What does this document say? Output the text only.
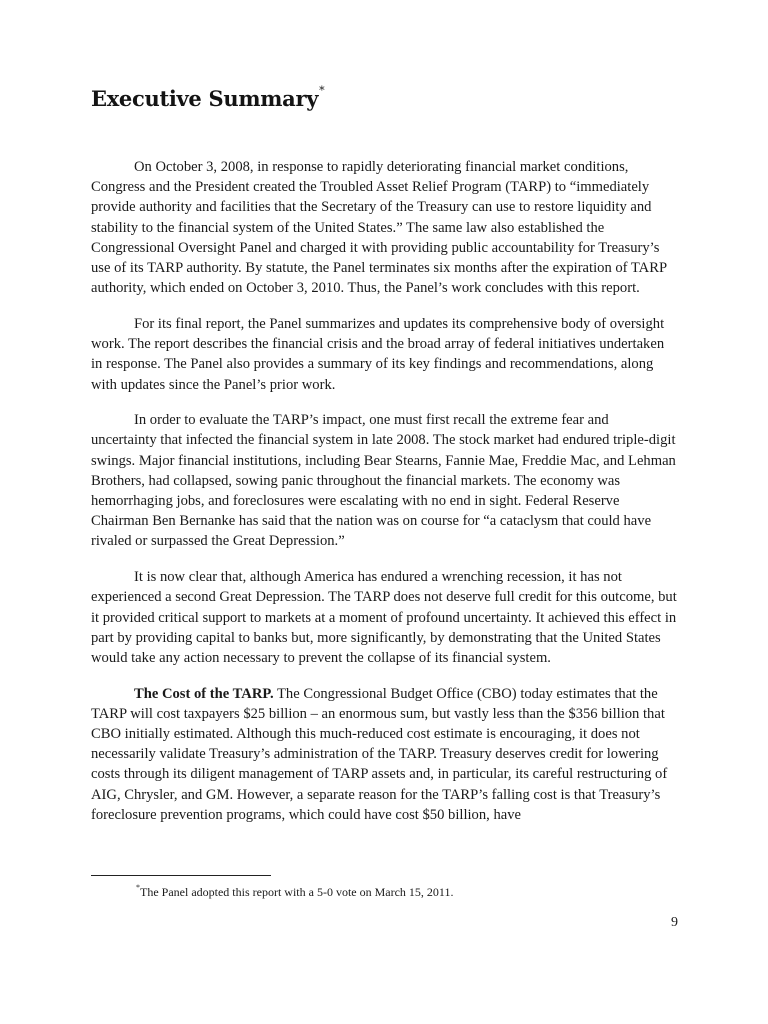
Executive Summary*

On October 3, 2008, in response to rapidly deteriorating financial market conditions, Congress and the President created the Troubled Asset Relief Program (TARP) to “immediately provide authority and facilities that the Secretary of the Treasury can use to restore liquidity and stability to the financial system of the United States.” The same law also established the Congressional Oversight Panel and charged it with providing public accountability for Treasury’s use of its TARP authority. By statute, the Panel terminates six months after the expiration of TARP authority, which ended on October 3, 2010. Thus, the Panel’s work concludes with this report.

For its final report, the Panel summarizes and updates its comprehensive body of oversight work. The report describes the financial crisis and the broad array of federal initiatives undertaken in response. The Panel also provides a summary of its key findings and recommendations, along with updates since the Panel’s prior work.

In order to evaluate the TARP’s impact, one must first recall the extreme fear and uncertainty that infected the financial system in late 2008. The stock market had endured triple-digit swings. Major financial institutions, including Bear Stearns, Fannie Mae, Freddie Mac, and Lehman Brothers, had collapsed, sowing panic throughout the financial markets. The economy was hemorrhaging jobs, and foreclosures were escalating with no end in sight. Federal Reserve Chairman Ben Bernanke has said that the nation was on course for “a cataclysm that could have rivaled or surpassed the Great Depression.”

It is now clear that, although America has endured a wrenching recession, it has not experienced a second Great Depression. The TARP does not deserve full credit for this outcome, but it provided critical support to markets at a moment of profound uncertainty. It achieved this effect in part by providing capital to banks but, more significantly, by demonstrating that the United States would take any action necessary to prevent the collapse of its financial system.

The Cost of the TARP. The Congressional Budget Office (CBO) today estimates that the TARP will cost taxpayers $25 billion – an enormous sum, but vastly less than the $356 billion that CBO initially estimated. Although this much-reduced cost estimate is encouraging, it does not necessarily validate Treasury’s administration of the TARP. Treasury deserves credit for lowering costs through its diligent management of TARP assets and, in particular, its careful restructuring of AIG, Chrysler, and GM. However, a separate reason for the TARP’s falling cost is that Treasury’s foreclosure prevention programs, which could have cost $50 billion, have

*The Panel adopted this report with a 5-0 vote on March 15, 2011.

9
